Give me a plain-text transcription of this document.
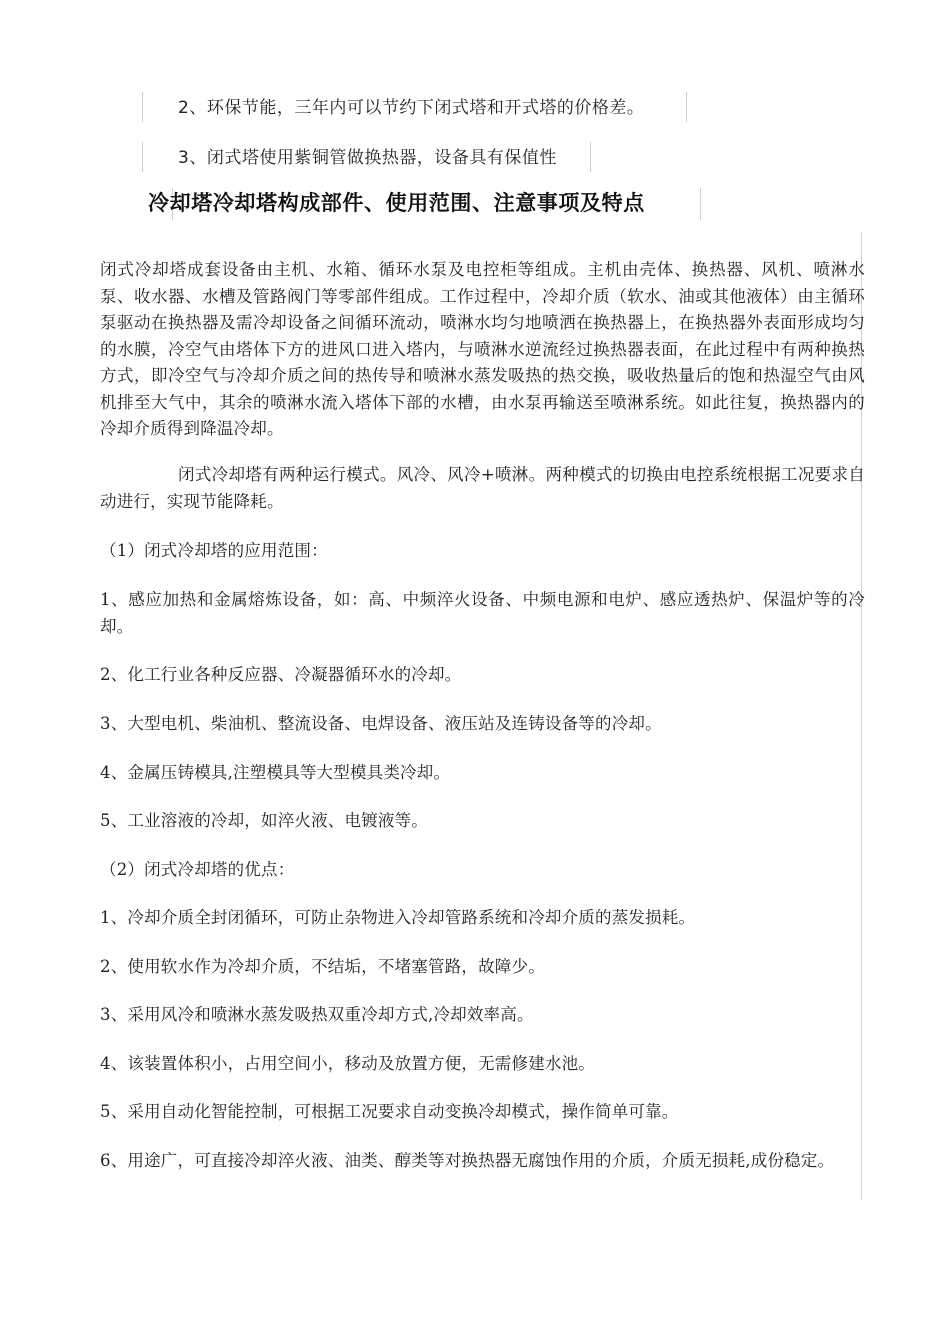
2、环保节能，三年内可以节约下闭式塔和开式塔的价格差。
3、闭式塔使用紫铜管做换热器，设备具有保值性
冷却塔冷却塔构成部件、使用范围、注意事项及特点
闭式冷却塔成套设备由主机、水箱、循环水泵及电控柜等组成。主机由壳体、换热器、风机、喷淋水泵、收水器、水槽及管路阀门等零部件组成。工作过程中，冷却介质（软水、油或其他液体）由主循环泵驱动在换热器及需冷却设备之间循环流动，喷淋水均匀地喷洒在换热器上，在换热器外表面形成均匀的水膜，冷空气由塔体下方的进风口进入塔内，与喷淋水逆流经过换热器表面，在此过程中有两种换热方式，即冷空气与冷却介质之间的热传导和喷淋水蒸发吸热的热交换，吸收热量后的饱和热湿空气由风机排至大气中，其余的喷淋水流入塔体下部的水槽，由水泵再输送至喷淋系统。如此往复，换热器内的冷却介质得到降温冷却。
闭式冷却塔有两种运行模式。风冷、风冷+喷淋。两种模式的切换由电控系统根据工况要求自动进行，实现节能降耗。
（1）闭式冷却塔的应用范围：
1、感应加热和金属熔炼设备，如：高、中频淬火设备、中频电源和电炉、感应透热炉、保温炉等的冷却。
2、化工行业各种反应器、冷凝器循环水的冷却。
3、大型电机、柴油机、整流设备、电焊设备、液压站及连铸设备等的冷却。
4、金属压铸模具,注塑模具等大型模具类冷却。
5、工业溶液的冷却，如淬火液、电镀液等。
（2）闭式冷却塔的优点：
1、冷却介质全封闭循环，可防止杂物进入冷却管路系统和冷却介质的蒸发损耗。
2、使用软水作为冷却介质，不结垢，不堵塞管路，故障少。
3、采用风冷和喷淋水蒸发吸热双重冷却方式,冷却效率高。
4、该装置体积小，占用空间小，移动及放置方便，无需修建水池。
5、采用自动化智能控制，可根据工况要求自动变换冷却模式，操作简单可靠。
6、用途广，可直接冷却淬火液、油类、醇类等对换热器无腐蚀作用的介质，介质无损耗,成份稳定。
